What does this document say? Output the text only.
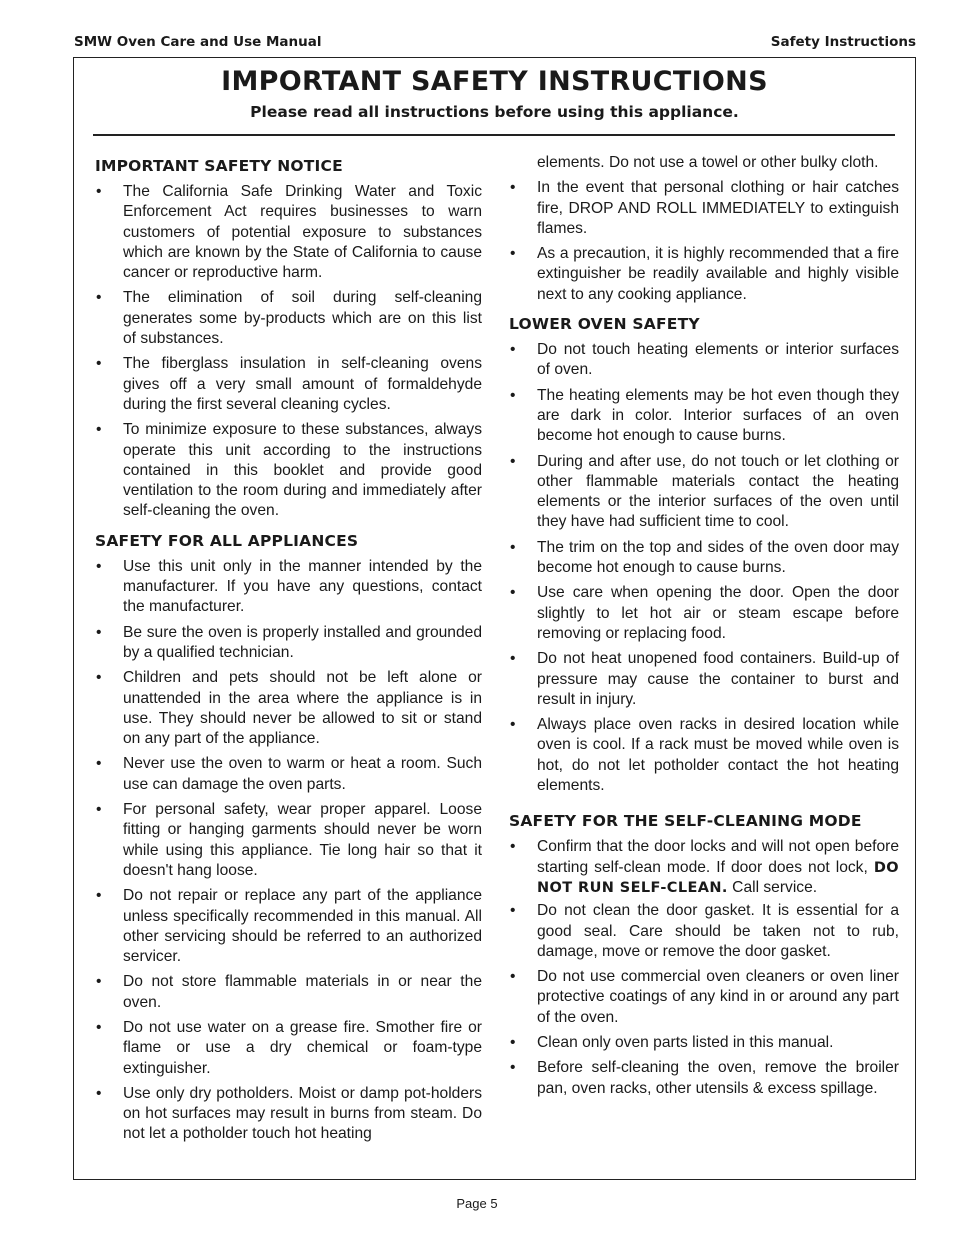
SMW Oven Care and Use Manual	Safety Instructions
IMPORTANT SAFETY INSTRUCTIONS

Please read all instructions before using this appliance.

IMPORTANT SAFETY NOTICE
• The California Safe Drinking Water and Toxic Enforcement Act requires businesses to warn customers of potential exposure to substances which are known by the State of California to cause cancer or reproductive harm.
• The elimination of soil during self-cleaning generates some by-products which are on this list of substances.
• The fiberglass insulation in self-cleaning ovens gives off a very small amount of formaldehyde during the first several cleaning cycles.
• To minimize exposure to these substances, always operate this unit according to the instructions contained in this booklet and provide good ventilation to the room during and immediately after self-cleaning the oven.
SAFETY FOR ALL APPLIANCES
• Use this unit only in the manner intended by the manufacturer. If you have any questions, contact the manufacturer.
• Be sure the oven is properly installed and grounded by a qualified technician.
• Children and pets should not be left alone or unattended in the area where the appliance is in use. They should never be allowed to sit or stand on any part of the appliance.
• Never use the oven to warm or heat a room. Such use can damage the oven parts.
• For personal safety, wear proper apparel. Loose fitting or hanging garments should never be worn while using this appliance. Tie long hair so that it doesn't hang loose.
• Do not repair or replace any part of the appliance unless specifically recommended in this manual. All other servicing should be referred to an authorized servicer.
• Do not store flammable materials in or near the oven.
• Do not use water on a grease fire. Smother fire or flame or use a dry chemical or foam-type extinguisher.
• Use only dry potholders. Moist or damp pot-holders on hot surfaces may result in burns from steam. Do not let a potholder touch hot heating
elements. Do not use a towel or other bulky cloth.
• In the event that personal clothing or hair catches fire, DROP AND ROLL IMMEDIATELY to extinguish flames.
• As a precaution, it is highly recommended that a fire extinguisher be readily available and highly visible next to any cooking appliance.
LOWER OVEN SAFETY
• Do not touch heating elements or interior surfaces of oven.
• The heating elements may be hot even though they are dark in color. Interior surfaces of an oven become hot enough to cause burns.
• During and after use, do not touch or let clothing or other flammable materials contact the heating elements or the interior surfaces of the oven until they have had sufficient time to cool.
• The trim on the top and sides of the oven door may become hot enough to cause burns.
• Use care when opening the door. Open the door slightly to let hot air or steam escape before removing or replacing food.
• Do not heat unopened food containers. Build-up of pressure may cause the container to burst and result in injury.
• Always place oven racks in desired location while oven is cool. If a rack must be moved while oven is hot, do not let potholder contact the hot heating elements.
SAFETY FOR THE SELF-CLEANING MODE
• Confirm that the door locks and will not open before starting self-clean mode. If door does not lock, DO NOT RUN SELF-CLEAN. Call service.
• Do not clean the door gasket. It is essential for a good seal. Care should be taken not to rub, damage, move or remove the door gasket.
• Do not use commercial oven cleaners or oven liner protective coatings of any kind in or around any part of the oven.
• Clean only oven parts listed in this manual.
• Before self-cleaning the oven, remove the broiler pan, oven racks, other utensils & excess spillage.
Page 5
